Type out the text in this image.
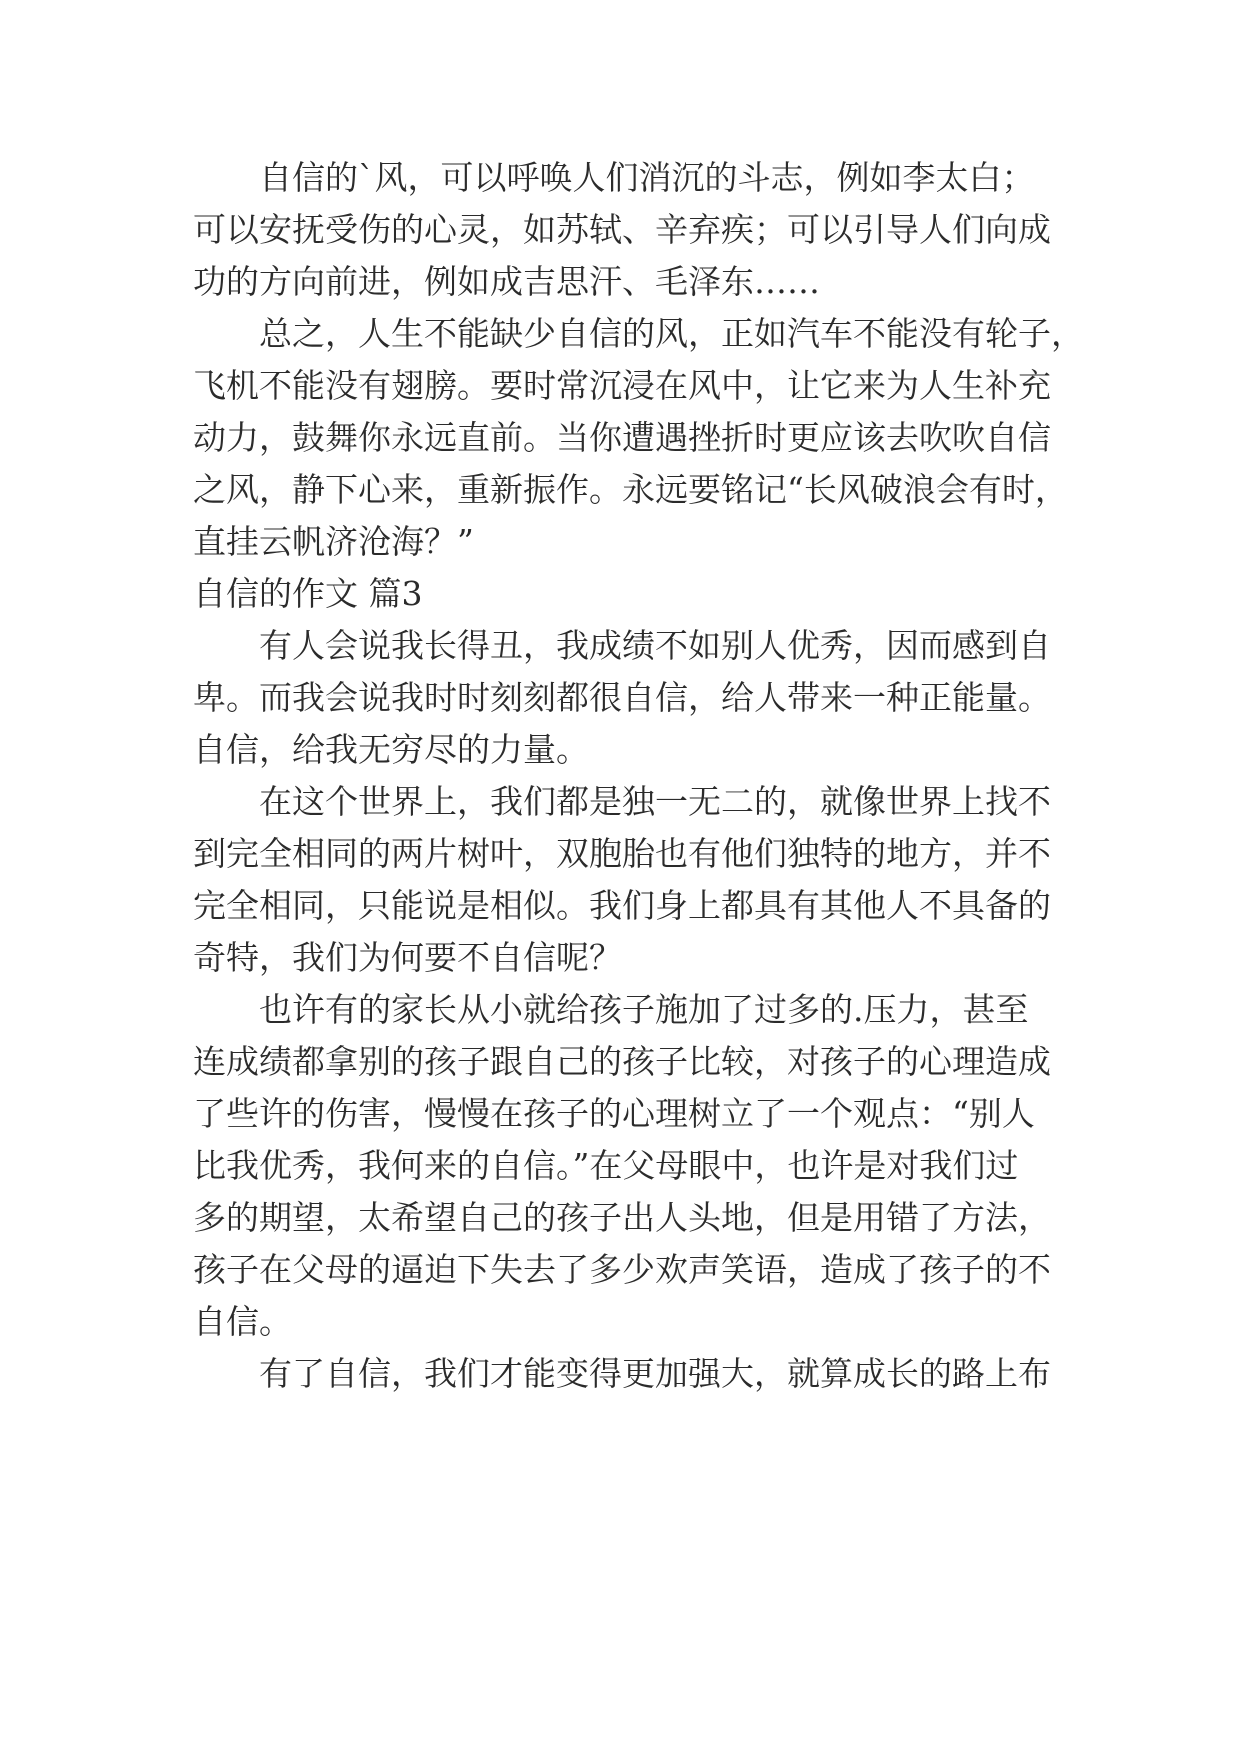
自信的`风，可以呼唤人们消沉的斗志，例如李太白；
可以安抚受伤的心灵，如苏轼、辛弃疾；可以引导人们向成
功的方向前进，例如成吉思汗、毛泽东……
总之，人生不能缺少自信的风，正如汽车不能没有轮子，
飞机不能没有翅膀。要时常沉浸在风中，让它来为人生补充
动力，鼓舞你永远直前。当你遭遇挫折时更应该去吹吹自信
之风，静下心来，重新振作。永远要铭记“长风破浪会有时，
直挂云帆济沧海？”
自信的作文 篇3
有人会说我长得丑，我成绩不如别人优秀，因而感到自
卑。而我会说我时时刻刻都很自信，给人带来一种正能量。
自信，给我无穷尽的力量。
在这个世界上，我们都是独一无二的，就像世界上找不
到完全相同的两片树叶，双胞胎也有他们独特的地方，并不
完全相同，只能说是相似。我们身上都具有其他人不具备的
奇特，我们为何要不自信呢？
也许有的家长从小就给孩子施加了过多的.压力，甚至
连成绩都拿别的孩子跟自己的孩子比较，对孩子的心理造成
了些许的伤害，慢慢在孩子的心理树立了一个观点：“别人
比我优秀，我何来的自信。”在父母眼中，也许是对我们过
多的期望，太希望自己的孩子出人头地，但是用错了方法，
孩子在父母的逼迫下失去了多少欢声笑语，造成了孩子的不
自信。
有了自信，我们才能变得更加强大，就算成长的路上布
